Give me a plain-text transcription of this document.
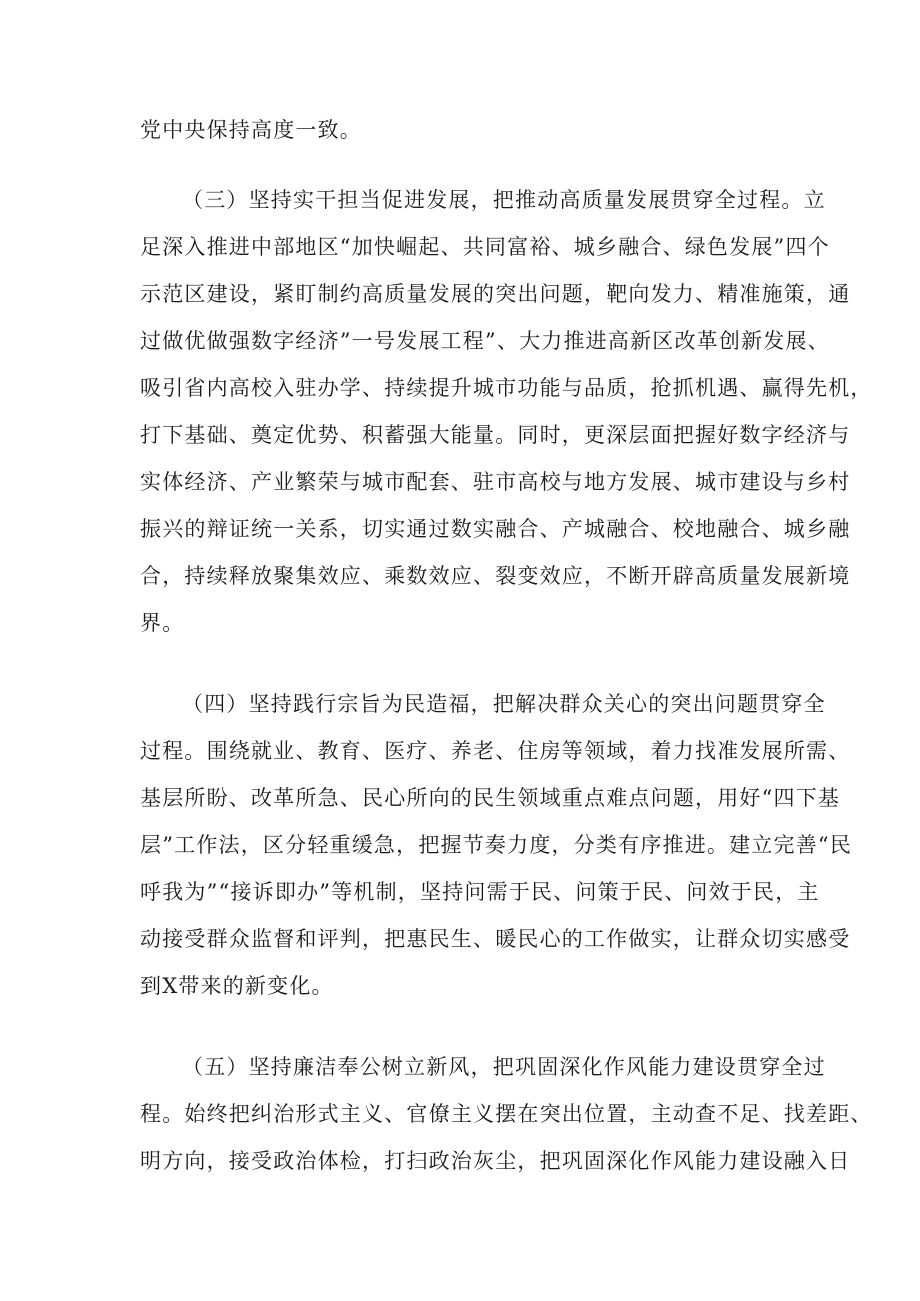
党中央保持高度一致。
（三）坚持实干担当促进发展，把推动高质量发展贯穿全过程。立
足深入推进中部地区“加快崛起、共同富裕、城乡融合、绿色发展”四个
示范区建设，紧盯制约高质量发展的突出问题，靶向发力、精准施策，通
过做优做强数字经济”一号发展工程”、大力推进高新区改革创新发展、
吸引省内高校入驻办学、持续提升城市功能与品质，抢抓机遇、赢得先机，
打下基础、奠定优势、积蓄强大能量。同时，更深层面把握好数字经济与
实体经济、产业繁荣与城市配套、驻市高校与地方发展、城市建设与乡村
振兴的辩证统一关系，切实通过数实融合、产城融合、校地融合、城乡融
合，持续释放聚集效应、乘数效应、裂变效应，不断开辟高质量发展新境
界。
（四）坚持践行宗旨为民造福，把解决群众关心的突出问题贯穿全
过程。围绕就业、教育、医疗、养老、住房等领域，着力找准发展所需、
基层所盼、改革所急、民心所向的民生领域重点难点问题，用好“四下基
层”工作法，区分轻重缓急，把握节奏力度，分类有序推进。建立完善“民
呼我为”“接诉即办”等机制，坚持问需于民、问策于民、问效于民，主
动接受群众监督和评判，把惠民生、暖民心的工作做实，让群众切实感受
到X带来的新变化。
（五）坚持廉洁奉公树立新风，把巩固深化作风能力建设贯穿全过
程。始终把纠治形式主义、官僚主义摆在突出位置，主动查不足、找差距、
明方向，接受政治体检，打扫政治灰尘，把巩固深化作风能力建设融入日
